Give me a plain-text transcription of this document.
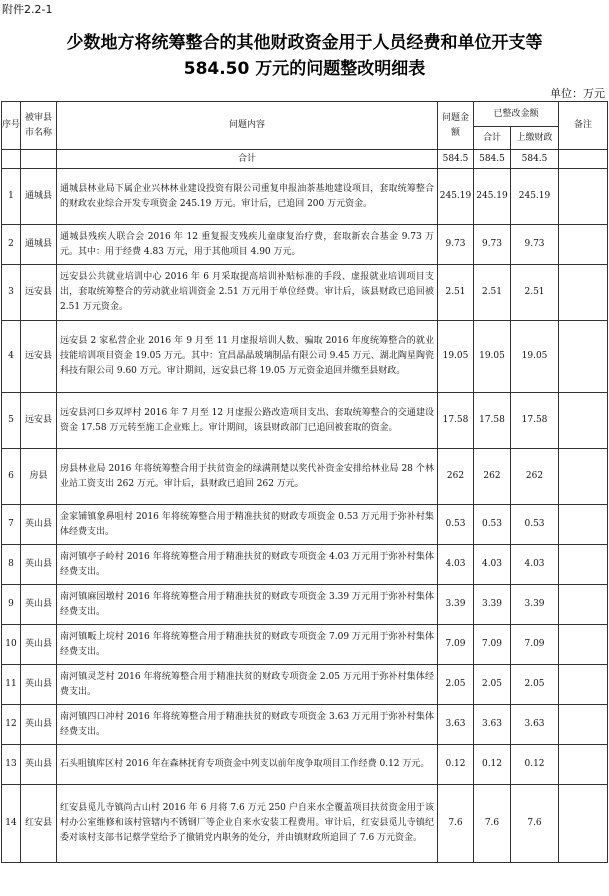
附件2.2-1
少数地方将统筹整合的其他财政资金用于人员经费和单位开支等
584.50 万元的问题整改明细表
单位：万元
序号	被审县市名称	问题内容	问题金额	已整改金额		备注
				合计	上缴财政	
		合计	584.5	584.5	584.5	
1	通城县	通城县林业局下属企业兴林林业建设投资有限公司重复申报油茶基地建设项目，套取统筹整合的财政农业综合开发专项资金 245.19 万元。审计后，已追回 200 万元资金。	245.19	245.19	245.19	
2	通城县	通城县残疾人联合会 2016 年 12 重复报支残疾儿童康复治疗费，套取新农合基金 9.73 万元。其中：用于经费 4.83 万元，用于其他项目 4.90 万元。	9.73	9.73	9.73	
3	远安县	远安县公共就业培训中心 2016 年 6 月采取提高培训补贴标准的手段、虚报就业培训项目支出，套取统筹整合的劳动就业培训资金 2.51 万元用于单位经费。审计后，该县财政已追回被 2.51 万元资金。	2.51	2.51	2.51	
4	远安县	远安县 2 家私营企业 2016 年 9 月至 11 月虚报培训人数、骗取 2016 年度统筹整合的就业技能培训项目资金 19.05 万元。其中：宜昌晶晶玻璃制品有限公司 9.45 万元、湖北陶星陶瓷科技有限公司 9.60 万元。审计期间，远安县已将 19.05 万元资金追回并缴至县财政。	19.05	19.05	19.05	
5	远安县	远安县河口乡双坪村 2016 年 7 月至 12 月虚报公路改造项目支出、套取统筹整合的交通建设资金 17.58 万元转至施工企业账上。审计期间，该县财政部门已追回被套取的资金。	17.58	17.58	17.58	
6	房县	房县林业局 2016 年将统筹整合用于扶贫资金的绿满荆楚以奖代补资金安排给林业局 28 个林业站工资支出 262 万元。审计后，县财政已追回 262 万元。	262	262	262	
7	英山县	金家铺镇象鼻咀村 2016 年将统筹整合用于精准扶贫的财政专项资金 0.53 万元用于弥补村集体经费支出。	0.53	0.53	0.53	
8	英山县	南河镇亭子岭村 2016 年将统筹整合用于精准扶贫的财政专项资金 4.03 万元用于弥补村集体经费支出。	4.03	4.03	4.03	
9	英山县	南河镇麻园墩村 2016 年将统筹整合用于精准扶贫的财政专项资金 3.39 万元用于弥补村集体经费支出。	3.39	3.39	3.39	
10	英山县	南河镇畈上垸村 2016 年将统筹整合用于精准扶贫的财政专项资金 7.09 万元用于弥补村集体经费支出。	7.09	7.09	7.09	
11	英山县	南河镇灵芝村 2016 年将统筹整合用于精准扶贫的财政专项资金 2.05 万元用于弥补村集体经费支出。	2.05	2.05	2.05	
12	英山县	南河镇四口冲村 2016 年将统筹整合用于精准扶贫的财政专项资金 3.63 万元用于弥补村集体经费支出。	3.63	3.63	3.63	
13	英山县	石头咀镇库区村 2016 年在森林抚育专项资金中列支以前年度争取项目工作经费 0.12 万元。	0.12	0.12	0.12	
14	红安县	红安县觅儿寺镇尚古山村 2016 年 6 月将 7.6 万元 250 户自来水全覆盖项目扶贫资金用于该村办公室维修和该村管辖内不锈钢厂等企业自来水安装工程费用。审计后，红安县觅儿寺镇纪委对该村支部书记蔡学堂给予了撤销党内职务的处分，并由镇财政所追回了 7.6 万元资金。	7.6	7.6	7.6	
